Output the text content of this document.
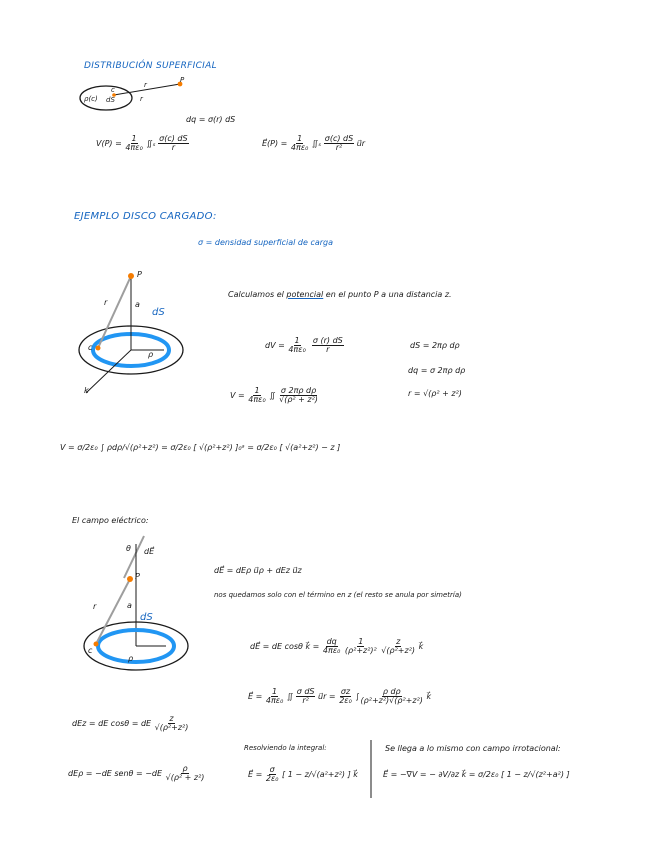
DISTRIBUCIÓN SUPERFICIAL
ρ(c)
c
dS
r
r
P
dq = σ(r) dS
$V(P) = \frac{1}{\text{4πε₀}}$ ∬ₛ $\frac{\sigma(c) dS}{r}$	E⃗(P) = $\frac{1}{\text{4πε₀}}$ ∬ₛ $\frac{\sigma(c) dS}{\text{r²}}$ u⃗r
EJEMPLO DISCO CARGADO:
σ = densidad superficial de carga
P
r	a
dS
c
ρ
k
Calculamos el potencial en el punto P a una distancia z.
dV = $\frac{1}{\text{4πε₀}}$
$\frac{\sigma (r) dS}{r}$	dS = 2πρ dρ
dq = σ 2πρ dρ
r = √(ρ² + z²)
$V = \frac{1}{\text{4πε₀}}$ ∬ $\frac{\text{σ 2πρ dρ}}{\text{√(ρ² + z²)}}$
V = σ/2ε₀ ∫ ρdρ/√(ρ²+z²) = σ/2ε₀ [ √(ρ²+z²) ]₀ᵃ = σ/2ε₀ [ √(a²+z²) − z ]
El campo eléctrico:
θ dE⃗
P
r	a
dS
c
ρ
dE⃗ = dEρ u⃗ρ + dEz u⃗z
nos quedamos solo con el término en z (el resto se anula por simetría)
dE⃗ = dE cosθ k⃗ = $\frac{dq}{\text{4πε₀}}$
$\frac{1}{\text{(ρ²+z²)²}}$
$\frac{z}{\text{√(ρ²+z²)}}$ k⃗
E⃗ = $\frac{1}{\text{4πε₀}}$ ∬ $\frac{\text{σ dS}}{\text{r²}}$ u⃗r = $\frac{\sigma z}{\text{2ε₀}}$ ∫ $\frac{\text{ρ dρ}}{\text{(ρ²+z²)√(ρ²+z²)}}$ k⃗
dEz = dE cosθ = dE $\frac{z}{\text{√(ρ²+z²)}}$
dEρ = −dE $sen\theta = -dE \frac{\rho}{\text{√(ρ² + z²)}}$
Resolviendo la integral:
E⃗ = $\frac{\sigma}{\text{2ε₀}}$ [ 1 − z/√(a²+z²) ] k⃗
Se llega a lo mismo con campo irrotacional:
E⃗ = −∇V = − ∂V/∂z k⃗ = σ/2ε₀ [ 1 − z/√(z²+a²) ]
